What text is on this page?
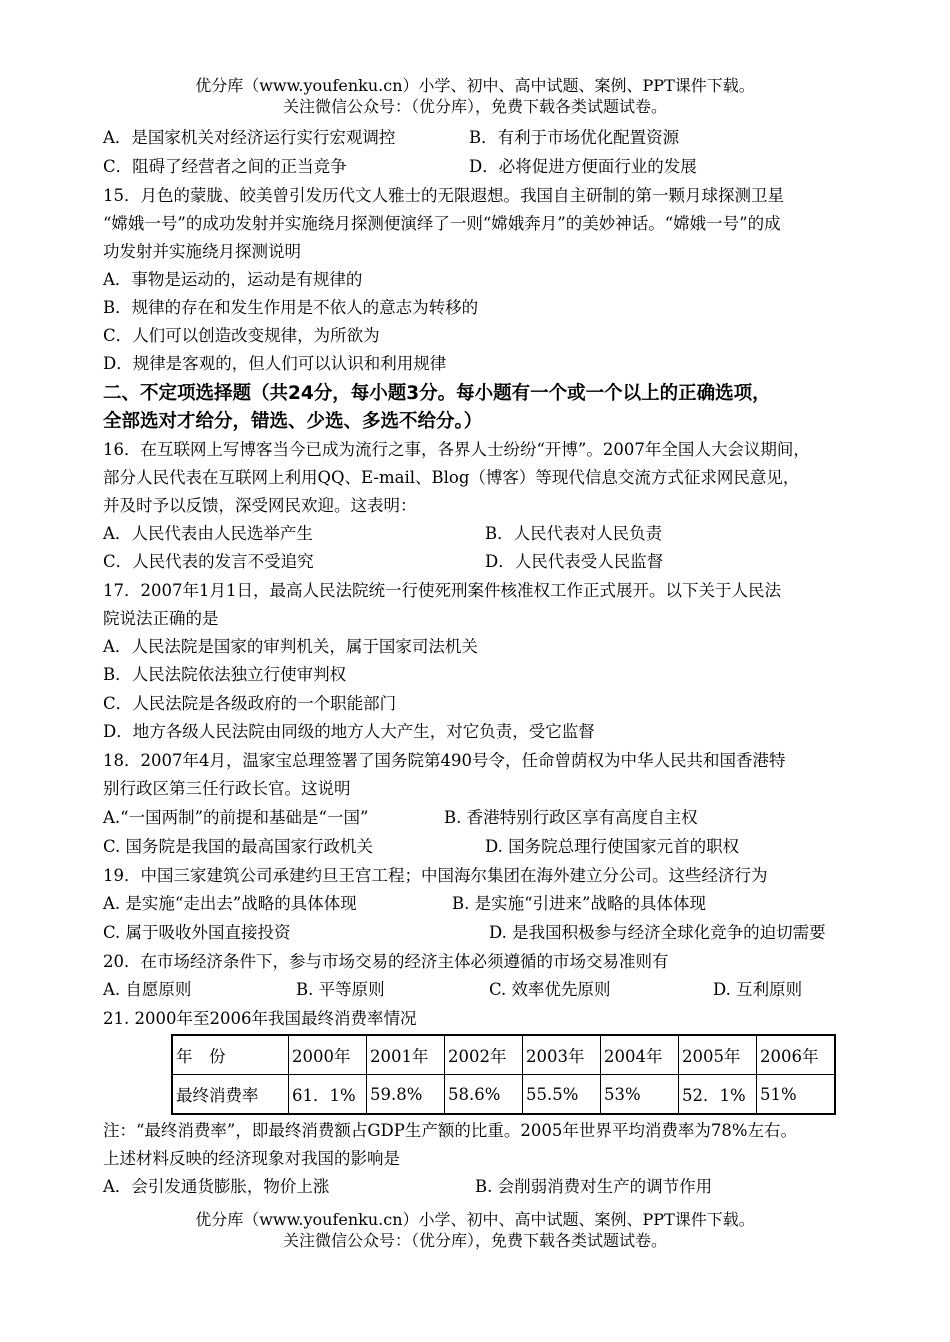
优分库（www.youfenku.cn）小学、初中、高中试题、案例、PPT课件下载。
关注微信公众号：（优分库），免费下载各类试题试卷。
A．是国家机关对经济运行实行宏观调控	B．有利于市场优化配置资源
C．阻碍了经营者之间的正当竞争	D．必将促进方便面行业的发展
15．月色的蒙胧、皎美曾引发历代文人雅士的无限遐想。我国自主研制的第一颗月球探测卫星
“嫦娥一号”的成功发射并实施绕月探测便演绎了一则“嫦娥奔月”的美妙神话。“嫦娥一号”的成
功发射并实施绕月探测说明
A．事物是运动的，运动是有规律的
B．规律的存在和发生作用是不依人的意志为转移的
C．人们可以创造改变规律，为所欲为
D．规律是客观的，但人们可以认识和利用规律
二、不定项选择题（共24分，每小题3分。每小题有一个或一个以上的正确选项，
全部选对才给分，错选、少选、多选不给分。）
16．在互联网上写博客当今已成为流行之事，各界人士纷纷“开博”。2007年全国人大会议期间，
部分人民代表在互联网上利用QQ、E-mail、Blog（博客）等现代信息交流方式征求网民意见，
并及时予以反馈，深受网民欢迎。这表明：
A．人民代表由人民选举产生	B．人民代表对人民负责
C．人民代表的发言不受追究	D．人民代表受人民监督
17．2007年1月1日，最高人民法院统一行使死刑案件核准权工作正式展开。以下关于人民法
院说法正确的是
A．人民法院是国家的审判机关，属于国家司法机关
B．人民法院依法独立行使审判权
C．人民法院是各级政府的一个职能部门
D．地方各级人民法院由同级的地方人大产生，对它负责，受它监督
18．2007年4月，温家宝总理签署了国务院第490号令，任命曾荫权为中华人民共和国香港特
别行政区第三任行政长官。这说明
A.“一国两制”的前提和基础是“一国”	B. 香港特别行政区享有高度自主权
C. 国务院是我国的最高国家行政机关	D. 国务院总理行使国家元首的职权
19．中国三家建筑公司承建约旦王宫工程；中国海尔集团在海外建立分公司。这些经济行为
A. 是实施“走出去”战略的具体体现	B. 是实施“引进来”战略的具体体现
C. 属于吸收外国直接投资	D. 是我国积极参与经济全球化竞争的迫切需要
20．在市场经济条件下，参与市场交易的经济主体必须遵循的市场交易准则有
A. 自愿原则	B. 平等原则	C. 效率优先原则	D. 互利原则
21. 2000年至2006年我国最终消费率情况
年　份	2000年	2001年	2002年	2003年	2004年	2005年	2006年
最终消费率	61．1%	59.8%	58.6%	55.5%	53%	52．1%	51%
注：“最终消费率”，即最终消费额占GDP生产额的比重。2005年世界平均消费率为78%左右。
上述材料反映的经济现象对我国的影响是
A．会引发通货膨胀，物价上涨	B. 会削弱消费对生产的调节作用
优分库（www.youfenku.cn）小学、初中、高中试题、案例、PPT课件下载。
关注微信公众号：（优分库），免费下载各类试题试卷。
